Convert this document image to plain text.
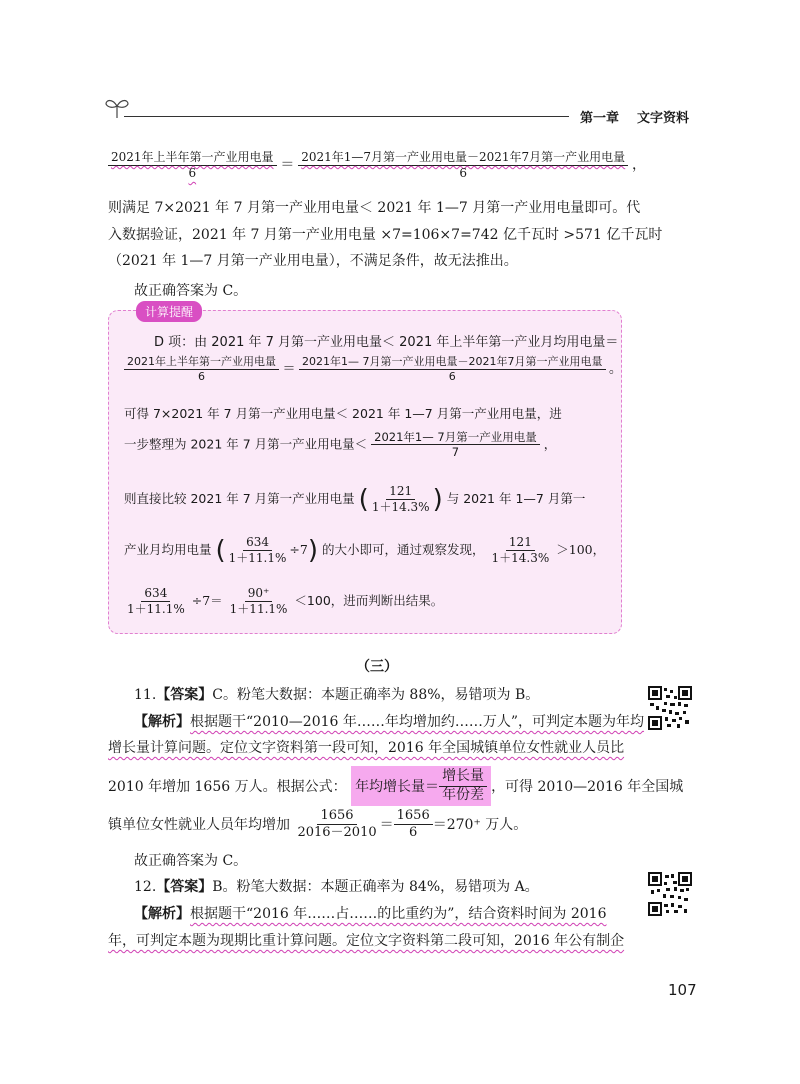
第一章 文字资料
$\frac{\text{2021年上半年第一产业用电量}}{6} = \frac{\text{2021年1—7月第一产业用电量－2021年7月第一产业用电量}}{6}$ ，
则满足 7×2021 年 7 月第一产业用电量＜ 2021 年 1—7 月第一产业用电量即可。代
入数据验证，2021 年 7 月第一产业用电量 ×7=106×7=742 亿千瓦时 >571 亿千瓦时
（2021 年 1—7 月第一产业用电量），不满足条件，故无法推出。
故正确答案为 C。
计算提醒
D 项：由 2021 年 7 月第一产业用电量＜ 2021 年上半年第一产业月均用电量＝
$\frac{\text{2021年上半年第一产业用电量}}{6} = \frac{\text{2021年1— 7月第一产业用电量－2021年7月第一产业用电量}}{6}$ 。
可得 7×2021 年 7 月第一产业用电量＜ 2021 年 1—7 月第一产业用电量，进
一步整理为 2021 年 7 月第一产业用电量＜ $\frac{\text{2021年1— 7月第一产业用电量}}{7}$ ，
则直接比较 2021 年 7 月第一产业用电量 ( $\frac{121}{1+14.3\%}$ ) 与 2021 年 1—7 月第一
产业月均用电量 ( $\frac{634}{1+11.1\%} \div 7$) 的大小即可，通过观察发现， $\frac{121}{1+14.3\%} >100$，
$\frac{634}{1+11.1\%} \div 7= \frac{90^+}{1+11.1\%} <100$，进而判断出结果。
（三）
11.【答案】C。粉笔大数据：本题正确率为 88%，易错项为 B。
【解析】根据题干“2010—2016 年……年均增加约……万人”，可判定本题为年均
增长量计算问题。定位文字资料第一段可知，2016 年全国城镇单位女性就业人员比
2010 年增加 1656 万人。根据公式： 年均增长量＝ $\frac{\text{增长量}}{\text{年份差}}$ ，可得 2010—2016 年全国城
镇单位女性就业人员年均增加 $\frac{1656}{2016-2010} = \frac{1656}{6} =270^+$ 万人。
故正确答案为 C。
12.【答案】B。粉笔大数据：本题正确率为 84%，易错项为 A。
【解析】根据题干“2016 年……占……的比重约为”，结合资料时间为 2016
年，可判定本题为现期比重计算问题。定位文字资料第二段可知，2016 年公有制企
107
